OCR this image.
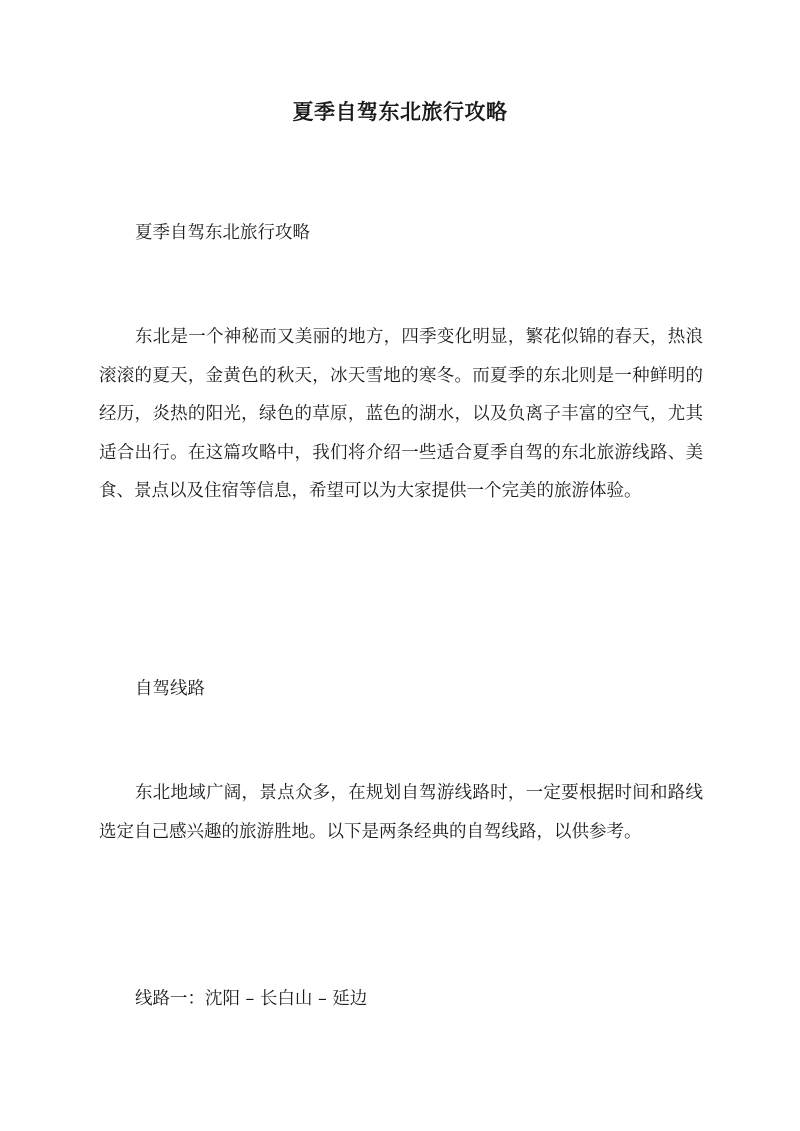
夏季自驾东北旅行攻略

夏季自驾东北旅行攻略

东北是一个神秘而又美丽的地方，四季变化明显，繁花似锦的春天，热浪滚滚的夏天，金黄色的秋天，冰天雪地的寒冬。而夏季的东北则是一种鲜明的经历，炎热的阳光，绿色的草原，蓝色的湖水，以及负离子丰富的空气，尤其适合出行。在这篇攻略中，我们将介绍一些适合夏季自驾的东北旅游线路、美食、景点以及住宿等信息，希望可以为大家提供一个完美的旅游体验。

自驾线路

东北地域广阔，景点众多，在规划自驾游线路时，一定要根据时间和路线选定自己感兴趣的旅游胜地。以下是两条经典的自驾线路，以供参考。

线路一：沈阳 – 长白山 – 延边
